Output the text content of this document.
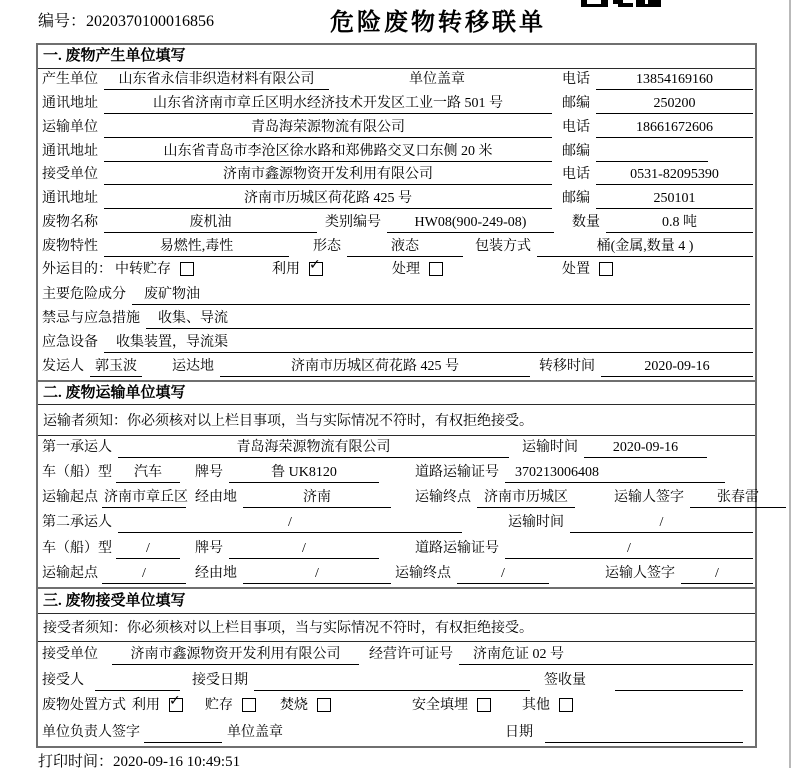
编号：2020370100016856	危险废物转移联单
一. 废物产生单位填写
产生单位	山东省永信非织造材料有限公司	单位盖章	电话	13854169160
通讯地址	山东省济南市章丘区明水经济技术开发区工业一路 501 号	邮编	250200
运输单位	青岛海荣源物流有限公司	电话	18661672606
通讯地址	山东省青岛市李沧区徐水路和郑佛路交叉口东侧 20 米	邮编
接受单位	济南市鑫源物资开发利用有限公司	电话	0531-82095390
通讯地址	济南市历城区荷花路 425 号	邮编	250101
废物名称	废机油	类别编号	HW08(900-249-08)	数量	0.8 吨
废物特性	易燃性,毒性	形态	液态	包装方式	桶(金属,数量 4 )
外运目的： 中转贮存	利用 ✓	处理	处置
主要危险成分	废矿物油
禁忌与应急措施	收集、导流
应急设备	收集装置，导流渠
发运人 郭玉波	运达地	济南市历城区荷花路 425 号	转移时间	2020-09-16
二. 废物运输单位填写
运输者须知：你必须核对以上栏目事项，当与实际情况不符时，有权拒绝接受。
第一承运人	青岛海荣源物流有限公司	运输时间	2020-09-16
车（船）型	汽车	牌号	鲁 UK8120	道路运输证号	370213006408
运输起点 济南市章丘区 经由地	济南	运输终点 济南市历城区	运输人签字	张春雷
第二承运人	/	运输时间	/
车（船）型	/	牌号	/	道路运输证号	/
运输起点	/	经由地	/	运输终点	/	运输人签字	/
三. 废物接受单位填写
接受者须知：你必须核对以上栏目事项，当与实际情况不符时，有权拒绝接受。
接受单位	济南市鑫源物资开发利用有限公司	经营许可证号	济南危证 02 号
接受人	接受日期	签收量
废物处置方式 利用 ✓ 贮存	焚烧	安全填埋	其他
单位负责人签字	单位盖章	日期
打印时间：2020-09-16 10:49:51
